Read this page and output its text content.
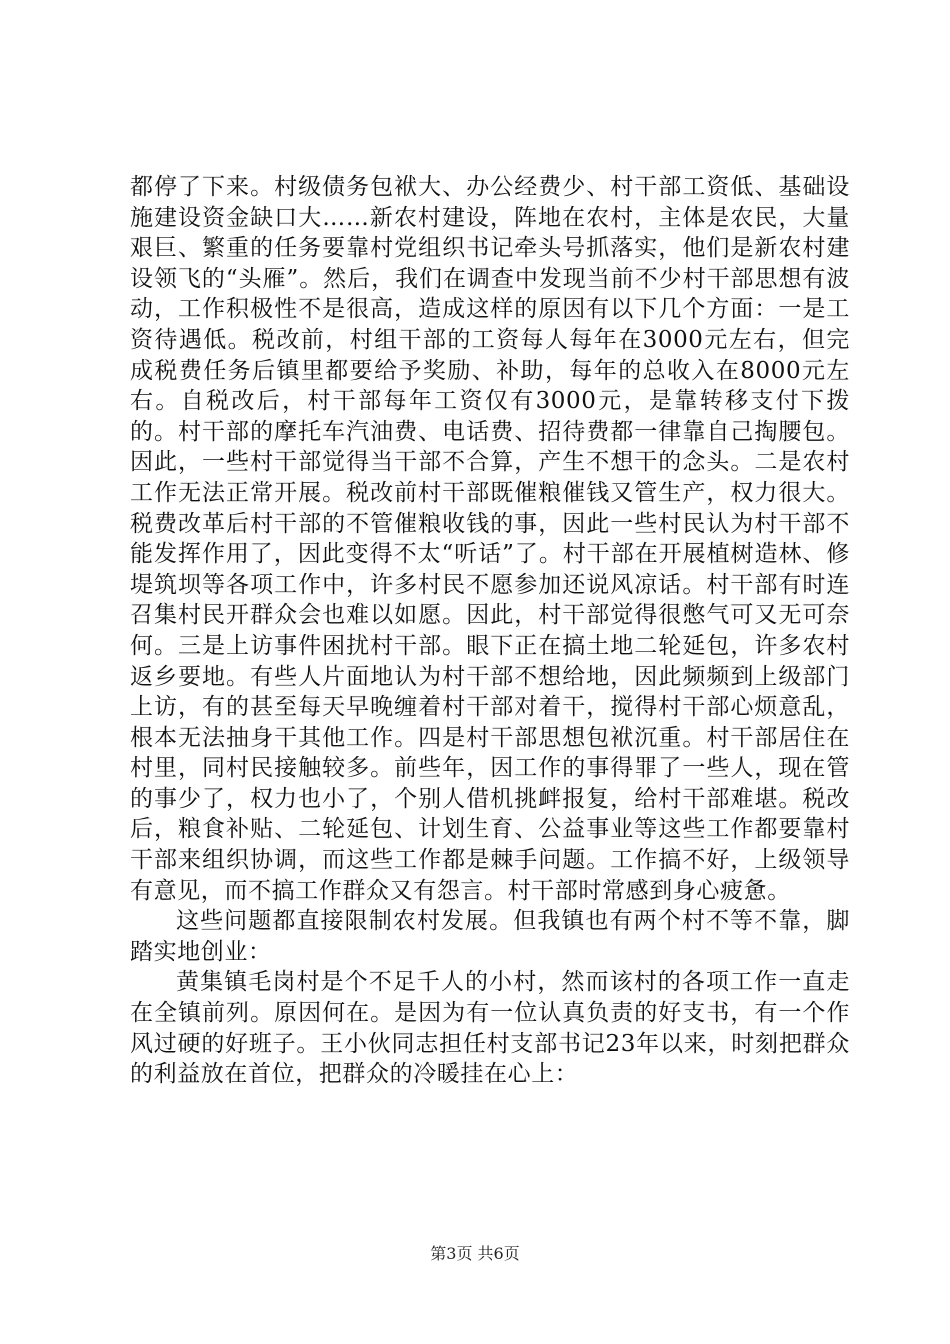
都停了下来。村级债务包袱大、办公经费少、村干部工资低、基础设施建设资金缺口大……新农村建设，阵地在农村，主体是农民，大量艰巨、繁重的任务要靠村党组织书记牵头号抓落实，他们是新农村建设领飞的“头雁”。然后，我们在调查中发现当前不少村干部思想有波动，工作积极性不是很高，造成这样的原因有以下几个方面：一是工资待遇低。税改前，村组干部的工资每人每年在3000元左右，但完成税费任务后镇里都要给予奖励、补助，每年的总收入在8000元左右。自税改后，村干部每年工资仅有3000元，是靠转移支付下拨的。村干部的摩托车汽油费、电话费、招待费都一律靠自己掏腰包。因此，一些村干部觉得当干部不合算，产生不想干的念头。二是农村工作无法正常开展。税改前村干部既催粮催钱又管生产，权力很大。税费改革后村干部的不管催粮收钱的事，因此一些村民认为村干部不能发挥作用了，因此变得不太“听话”了。村干部在开展植树造林、修堤筑坝等各项工作中，许多村民不愿参加还说风凉话。村干部有时连召集村民开群众会也难以如愿。因此，村干部觉得很憋气可又无可奈何。三是上访事件困扰村干部。眼下正在搞土地二轮延包，许多农村返乡要地。有些人片面地认为村干部不想给地，因此频频到上级部门上访，有的甚至每天早晚缠着村干部对着干，搅得村干部心烦意乱，根本无法抽身干其他工作。四是村干部思想包袱沉重。村干部居住在村里，同村民接触较多。前些年，因工作的事得罪了一些人，现在管的事少了，权力也小了，个别人借机挑衅报复，给村干部难堪。税改后，粮食补贴、二轮延包、计划生育、公益事业等这些工作都要靠村干部来组织协调，而这些工作都是棘手问题。工作搞不好，上级领导有意见，而不搞工作群众又有怨言。村干部时常感到身心疲惫。

这些问题都直接限制农村发展。但我镇也有两个村不等不靠，脚踏实地创业：

黄集镇毛岗村是个不足千人的小村，然而该村的各项工作一直走在全镇前列。原因何在。是因为有一位认真负责的好支书，有一个作风过硬的好班子。王小伙同志担任村支部书记23年以来，时刻把群众的利益放在首位，把群众的冷暖挂在心上：

第3页 共6页
